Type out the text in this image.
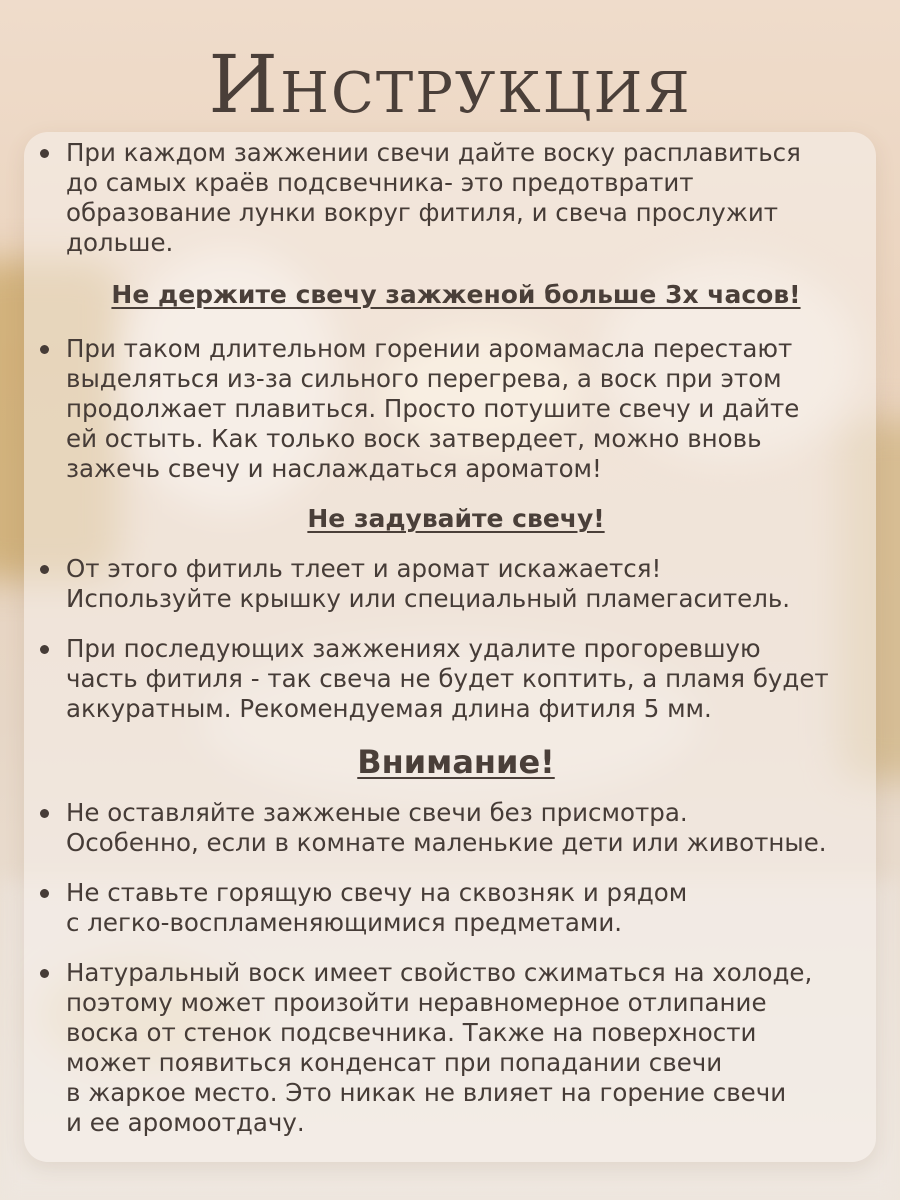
Инструкция
При каждом зажжении свечи дайте воску расплавиться
до самых краёв подсвечника- это предотвратит
образование лунки вокруг фитиля, и свеча прослужит
дольше.
Не держите свечу зажженой больше 3х часов!
При таком длительном горении аромамасла перестают
выделяться из-за сильного перегрева, а воск при этом
продолжает плавиться. Просто потушите свечу и дайте
ей остыть. Как только воск затвердеет, можно вновь
зажечь свечу и наслаждаться ароматом!
Не задувайте свечу!
От этого фитиль тлеет и аромат искажается!
Используйте крышку или специальный пламегаситель.
При последующих зажжениях удалите прогоревшую
часть фитиля - так свеча не будет коптить, а пламя будет
аккуратным. Рекомендуемая длина фитиля 5 мм.
Внимание!
Не оставляйте зажженые свечи без присмотра.
Особенно, если в комнате маленькие дети или животные.
Не ставьте горящую свечу на сквозняк и рядом
с легко-воспламеняющимися предметами.
Натуральный воск имеет свойство сжиматься на холоде,
поэтому может произойти неравномерное отлипание
воска от стенок подсвечника. Также на поверхности
может появиться конденсат при попадании свечи
в жаркое место. Это никак не влияет на горение свечи
и ее аромоотдачу.
